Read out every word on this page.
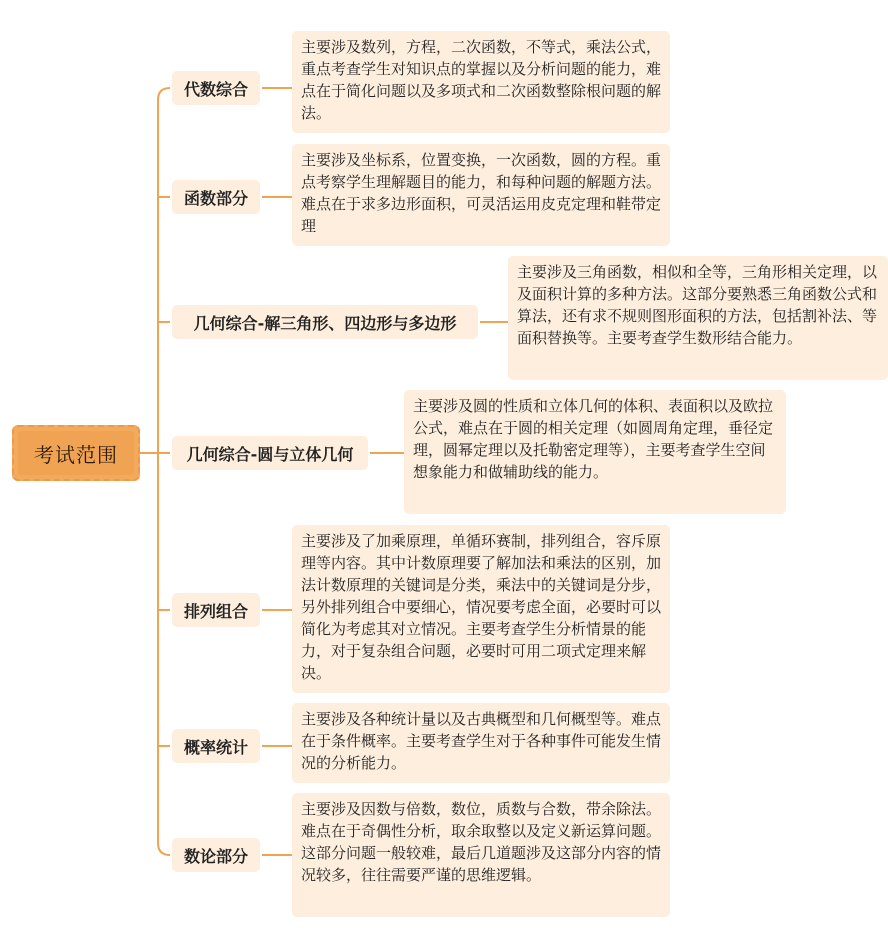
考试范围
代数综合
主要涉及数列，方程，二次函数，不等式，乘法公式，重点考查学生对知识点的掌握以及分析问题的能力，难点在于简化问题以及多项式和二次函数整除根问题的解法。
函数部分
主要涉及坐标系，位置变换，一次函数，圆的方程。重点考察学生理解题目的能力，和每种问题的解题方法。难点在于求多边形面积，可灵活运用皮克定理和鞋带定理
几何综合-解三角形、四边形与多边形
主要涉及三角函数，相似和全等，三角形相关定理，以及面积计算的多种方法。这部分要熟悉三角函数公式和算法，还有求不规则图形面积的方法，包括割补法、等面积替换等。主要考查学生数形结合能力。
几何综合-圆与立体几何
主要涉及圆的性质和立体几何的体积、表面积以及欧拉公式，难点在于圆的相关定理（如圆周角定理，垂径定理，圆幂定理以及托勒密定理等），主要考查学生空间想象能力和做辅助线的能力。
排列组合
主要涉及了加乘原理，单循环赛制，排列组合，容斥原理等内容。其中计数原理要了解加法和乘法的区别，加法计数原理的关键词是分类，乘法中的关键词是分步，另外排列组合中要细心，情况要考虑全面，必要时可以简化为考虑其对立情况。主要考查学生分析情景的能力，对于复杂组合问题，必要时可用二项式定理来解决。
概率统计
主要涉及各种统计量以及古典概型和几何概型等。难点在于条件概率。主要考查学生对于各种事件可能发生情况的分析能力。
数论部分
主要涉及因数与倍数，数位，质数与合数，带余除法。难点在于奇偶性分析，取余取整以及定义新运算问题。这部分问题一般较难，最后几道题涉及这部分内容的情况较多，往往需要严谨的思维逻辑。
